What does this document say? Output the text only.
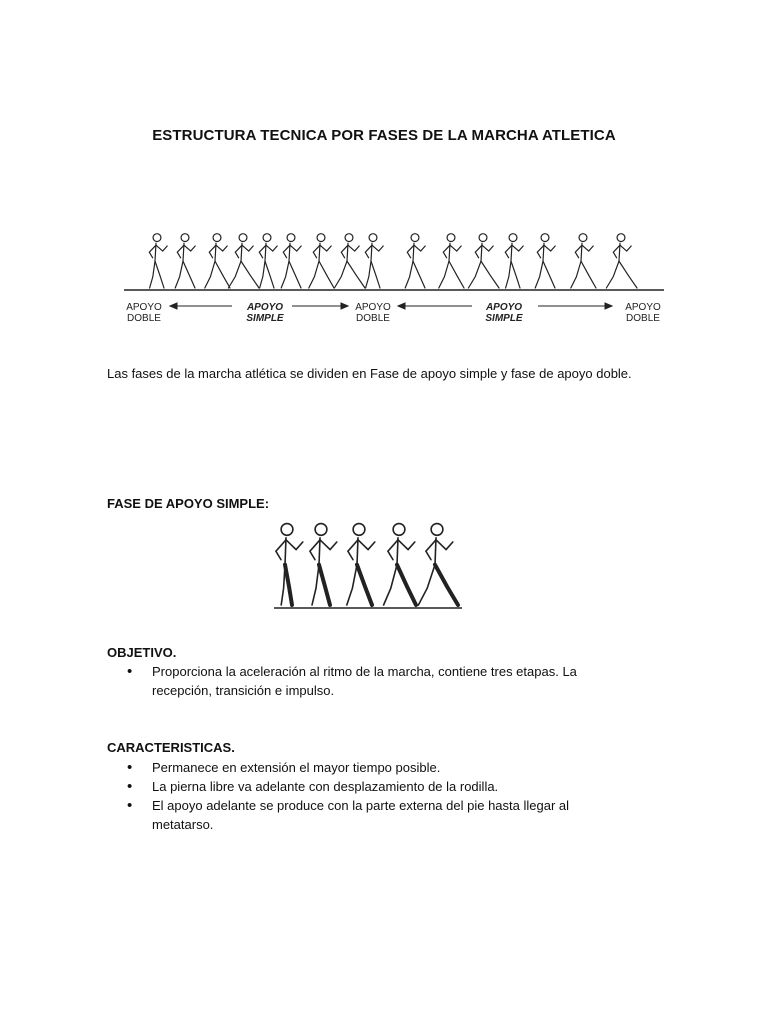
ESTRUCTURA TECNICA POR FASES DE LA MARCHA ATLETICA
APOYO
DOBLE
APOYO
SIMPLE
APOYO
DOBLE
APOYO
SIMPLE
APOYO
DOBLE
Las fases de la marcha atlética se dividen en Fase de apoyo simple y fase de apoyo doble.
FASE DE APOYO SIMPLE:
OBJETIVO.
• Proporciona la aceleración al ritmo de la marcha, contiene tres etapas. La recepción, transición e impulso.
CARACTERISTICAS.
• Permanece en extensión el mayor tiempo posible.
• La pierna libre va adelante con desplazamiento de la rodilla.
• El apoyo adelante se produce con la parte externa del pie hasta llegar al metatarso.
